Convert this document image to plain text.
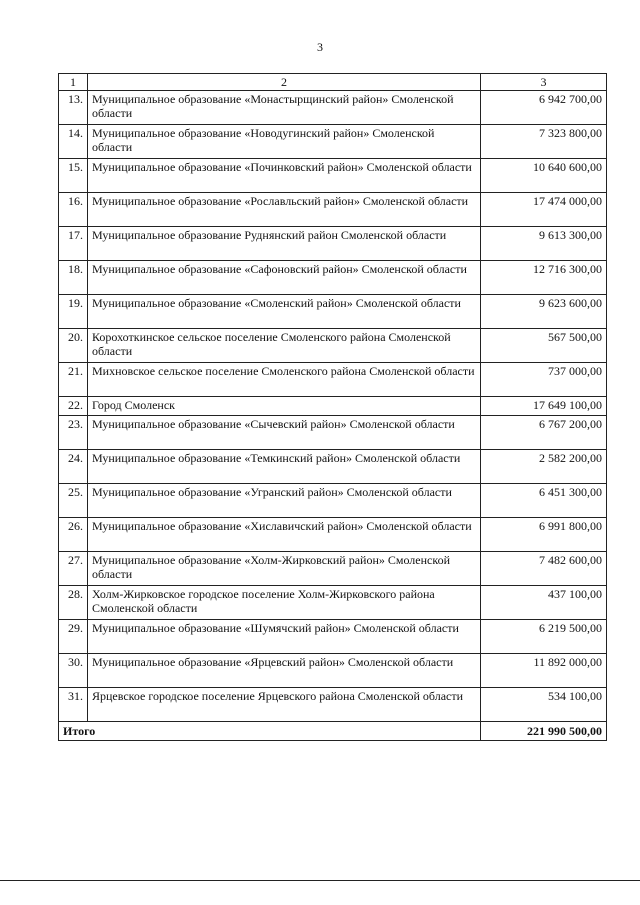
3
1	2	3
13.	Муниципальное образование «Монастырщинский район» Смоленской области	6 942 700,00
14.	Муниципальное образование «Новодугинский район» Смоленской области	7 323 800,00
15.	Муниципальное образование «Починковский район» Смоленской области	10 640 600,00
16.	Муниципальное образование «Рославльский район» Смоленской области	17 474 000,00
17.	Муниципальное образование Руднянский район Смоленской области	9 613 300,00
18.	Муниципальное образование «Сафоновский район» Смоленской области	12 716 300,00
19.	Муниципальное образование «Смоленский район» Смоленской области	9 623 600,00
20.	Корохоткинское сельское поселение Смоленского района Смоленской области	567 500,00
21.	Михновское сельское поселение Смоленского района Смоленской области	737 000,00
22.	Город Смоленск	17 649 100,00
23.	Муниципальное образование «Сычевский район» Смоленской области	6 767 200,00
24.	Муниципальное образование «Темкинский район» Смоленской области	2 582 200,00
25.	Муниципальное образование «Угранский район» Смоленской области	6 451 300,00
26.	Муниципальное образование «Хиславичский район» Смоленской области	6 991 800,00
27.	Муниципальное образование «Холм-Жирковский район» Смоленской области	7 482 600,00
28.	Холм-Жирковское городское поселение Холм-Жирковского района Смоленской области	437 100,00
29.	Муниципальное образование «Шумячский район» Смоленской области	6 219 500,00
30.	Муниципальное образование «Ярцевский район» Смоленской области	11 892 000,00
31.	Ярцевское городское поселение Ярцевского района Смоленской области	534 100,00
Итого		221 990 500,00
